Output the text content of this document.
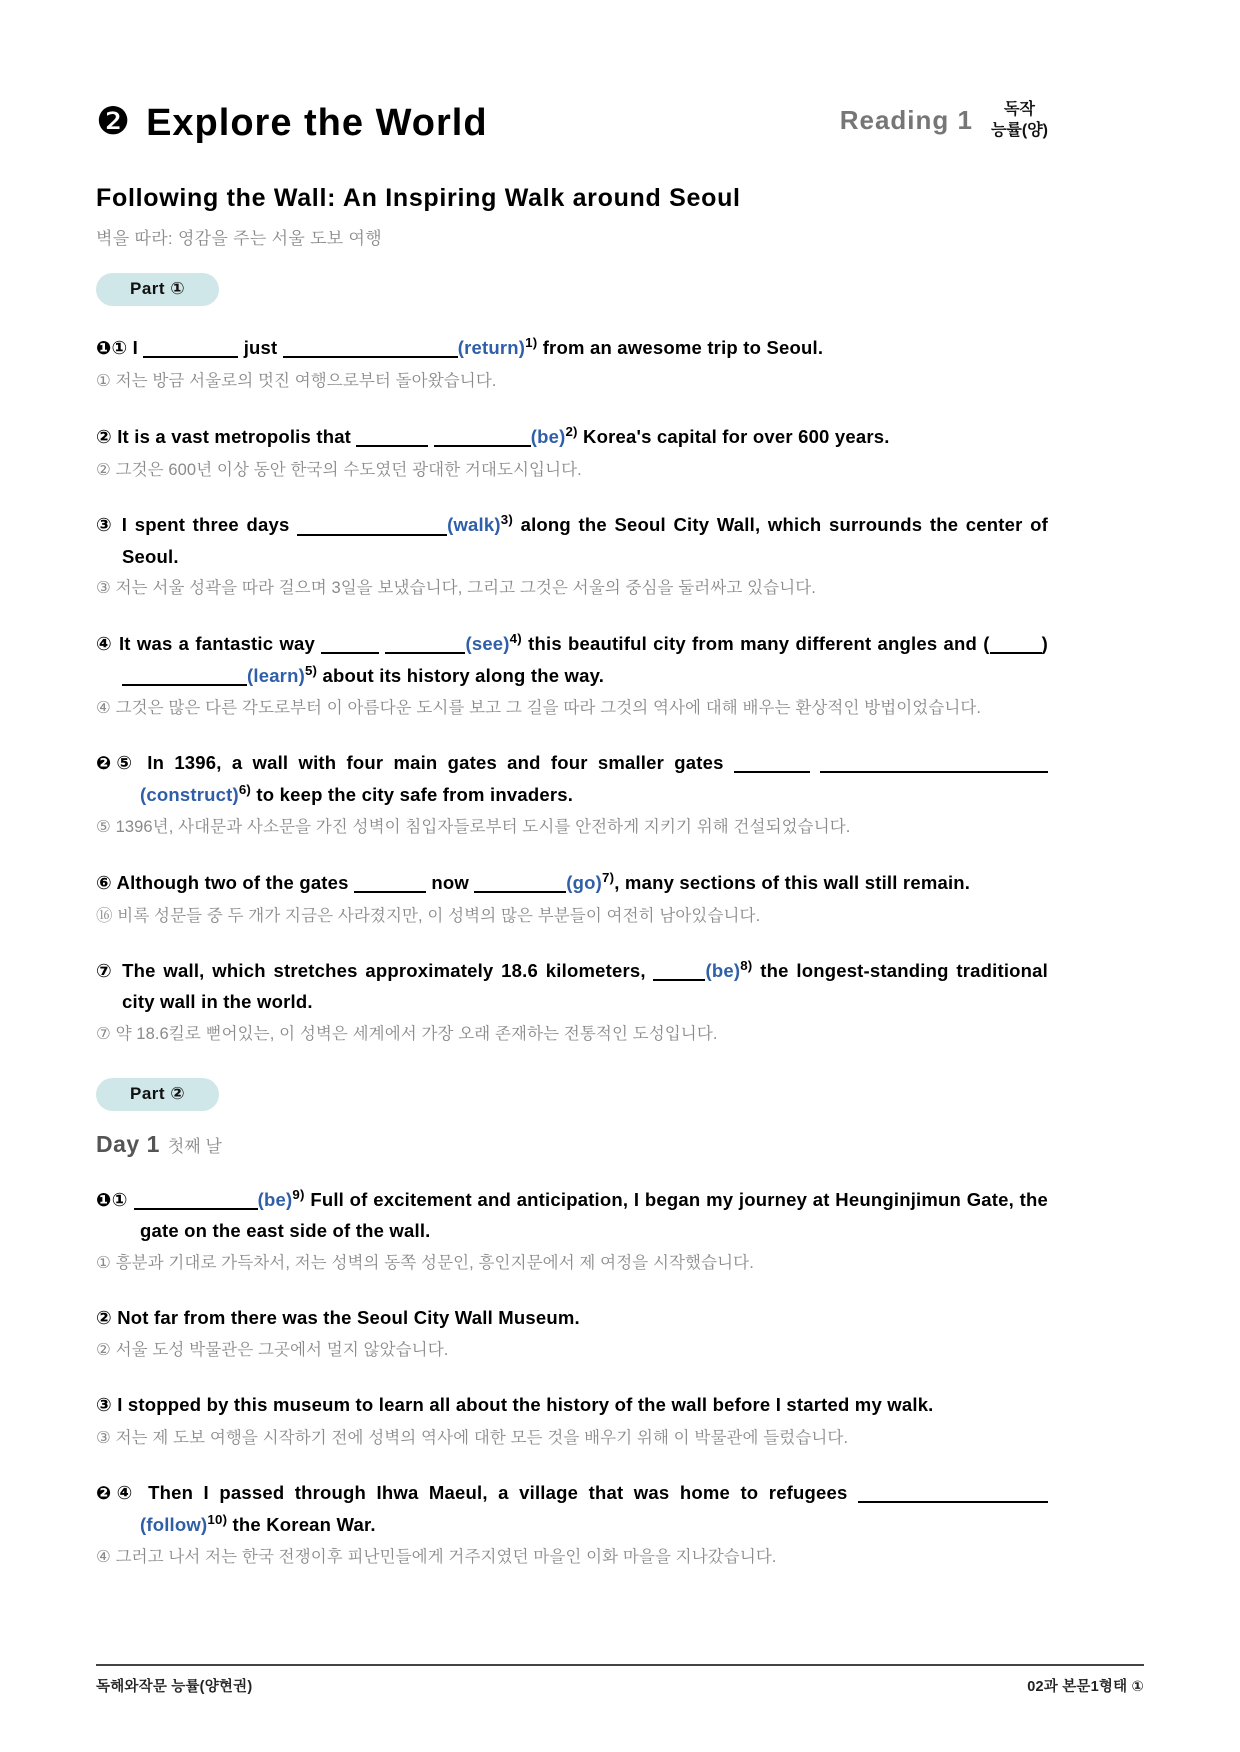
❷ Explore the World	Reading 1	독작
능률(양)
Following the Wall: An Inspiring Walk around Seoul
벽을 따라: 영감을 주는 서울 도보 여행
Part ①
❶① I	just	(return)$^{1)}$ from an awesome trip to Seoul.
① 저는 방금 서울로의 멋진 여행으로부터 돌아왔습니다.
② It is a vast metropolis that	(be)$^{2)}$ Korea's capital for over 600 years.
② 그것은 600년 이상 동안 한국의 수도였던 광대한 거대도시입니다.
③ I spent three days	(walk)$^{3)}$ along the Seoul City Wall, which surrounds the center of Seoul.
③ 저는 서울 성곽을 따라 걸으며 3일을 보냈습니다, 그리고 그것은 서울의 중심을 둘러싸고 있습니다.
④ It was a fantastic way	(see)$^{4)}$ this beautiful city from many different angles and (	) (learn)$^{5)}$ about its history along the way.
④ 그것은 많은 다른 각도로부터 이 아름다운 도시를 보고 그 길을 따라 그것의 역사에 대해 배우는 환상적인 방법이었습니다.
❷⑤ In 1396, a wall with four main gates and four smaller gates  (construct)$^{6)}$ to keep the city safe from invaders.
⑤ 1396년, 사대문과 사소문을 가진 성벽이 침입자들로부터 도시를 안전하게 지키기 위해 건설되었습니다.
⑥ Although two of the gates	now	(go)$^{7)}$, many sections of this wall still remain.
⑯ 비록 성문들 중 두 개가 지금은 사라졌지만, 이 성벽의 많은 부분들이 여전히 남아있습니다.
⑦ The wall, which stretches approximately 18.6 kilometers,	(be)$^{8)}$ the longest-standing traditional city wall in the world.
⑦ 약 18.6킬로 뻗어있는, 이 성벽은 세계에서 가장 오래 존재하는 전통적인 도성입니다.
Part ②
Day 1 첫째 날
❶①	(be)$^{9)}$ Full of excitement and anticipation, I began my journey at Heunginjimun Gate, the gate on the east side of the wall.
① 흥분과 기대로 가득차서, 저는 성벽의 동쪽 성문인, 흥인지문에서 제 여정을 시작했습니다.
② Not far from there was the Seoul City Wall Museum.
② 서울 도성 박물관은 그곳에서 멀지 않았습니다.
③ I stopped by this museum to learn all about the history of the wall before I started my walk.
③ 저는 제 도보 여행을 시작하기 전에 성벽의 역사에 대한 모든 것을 배우기 위해 이 박물관에 들렀습니다.
❷④ Then I passed through Ihwa Maeul, a village that was home to refugees (follow)$^{10)}$ the Korean War.
④ 그러고 나서 저는 한국 전쟁이후 피난민들에게 거주지였던 마을인 이화 마을을 지나갔습니다.
독해와작문 능률(양현권)	02과 본문1형태 ①
